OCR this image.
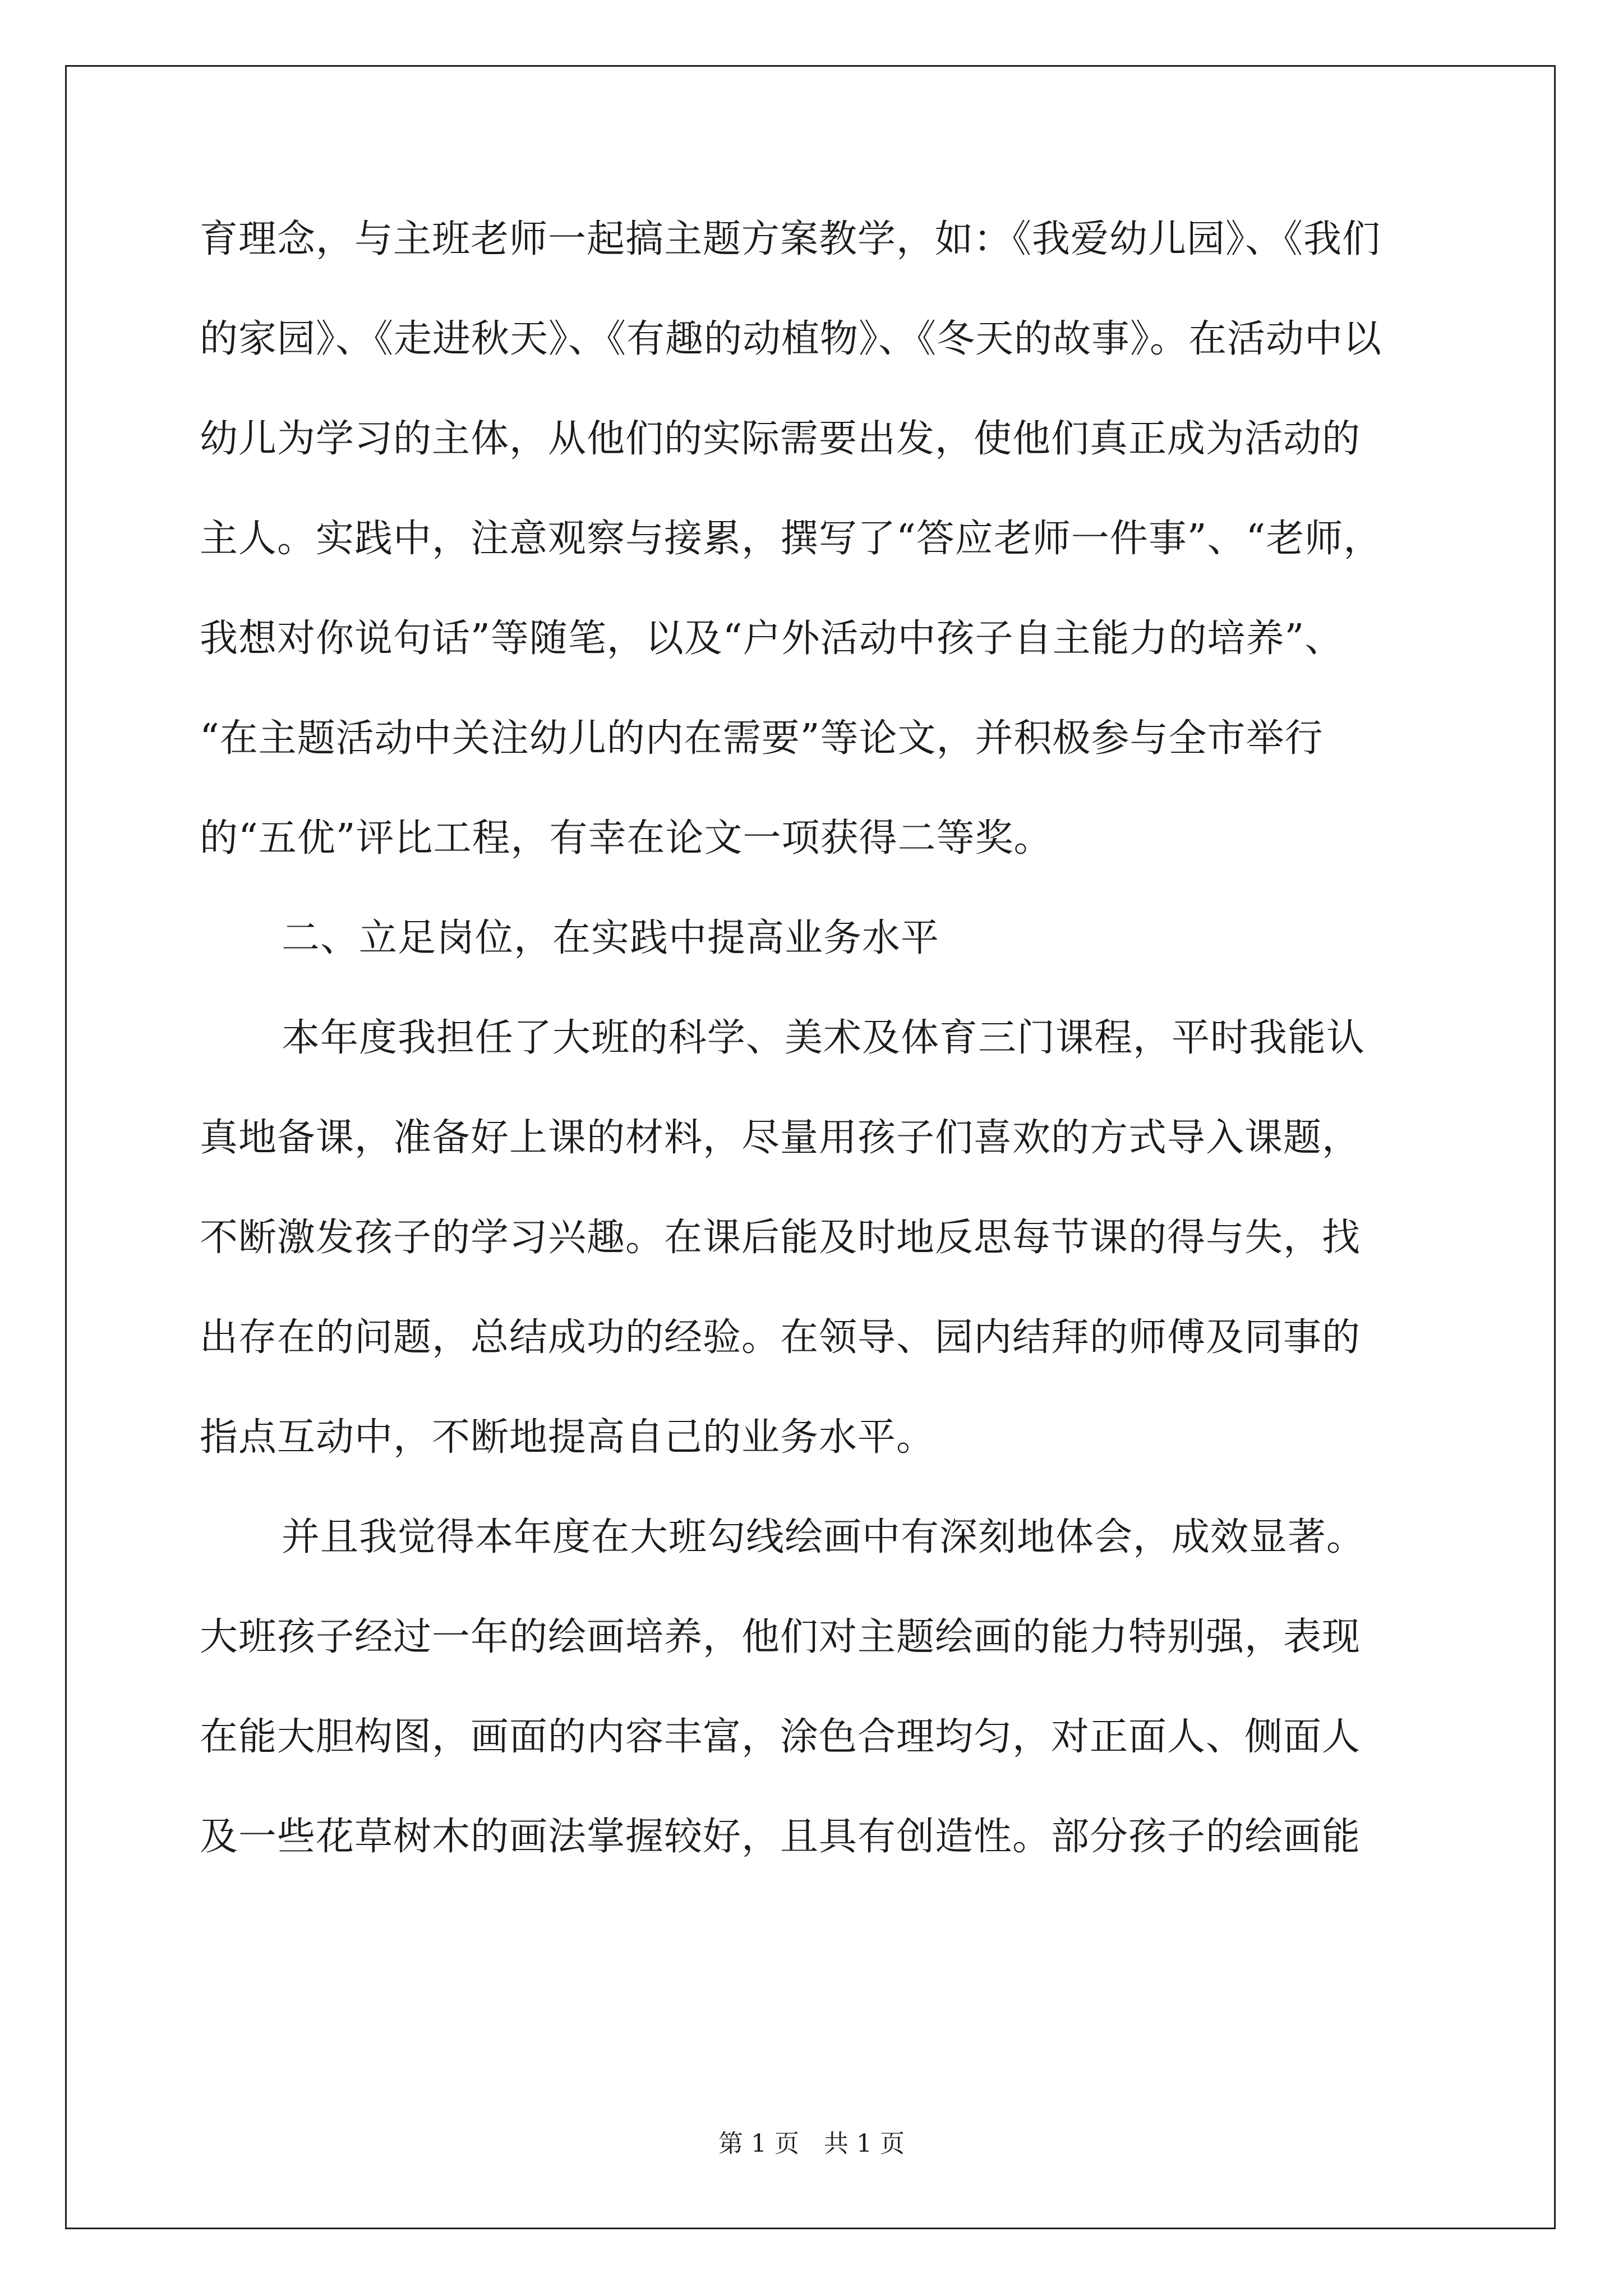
育理念，与主班老师一起搞主题方案教学，如：《我爱幼儿园》、《我们
的家园》、《走进秋天》、《有趣的动植物》、《冬天的故事》。在活动中以
幼儿为学习的主体，从他们的实际需要出发，使他们真正成为活动的
主人。实践中，注意观察与接累，撰写了“答应老师一件事”、“老师，
我想对你说句话”等随笔，以及“户外活动中孩子自主能力的培养”、
“在主题活动中关注幼儿的内在需要”等论文，并积极参与全市举行
的“五优”评比工程，有幸在论文一项获得二等奖。
二、立足岗位，在实践中提高业务水平
本年度我担任了大班的科学、美术及体育三门课程，平时我能认
真地备课，准备好上课的材料，尽量用孩子们喜欢的方式导入课题，
不断激发孩子的学习兴趣。在课后能及时地反思每节课的得与失，找
出存在的问题，总结成功的经验。在领导、园内结拜的师傅及同事的
指点互动中，不断地提高自己的业务水平。
并且我觉得本年度在大班勾线绘画中有深刻地体会，成效显著。
大班孩子经过一年的绘画培养，他们对主题绘画的能力特别强，表现
在能大胆构图，画面的内容丰富，涂色合理均匀，对正面人、侧面人
及一些花草树木的画法掌握较好，且具有创造性。部分孩子的绘画能
第 1 页　共 1 页
